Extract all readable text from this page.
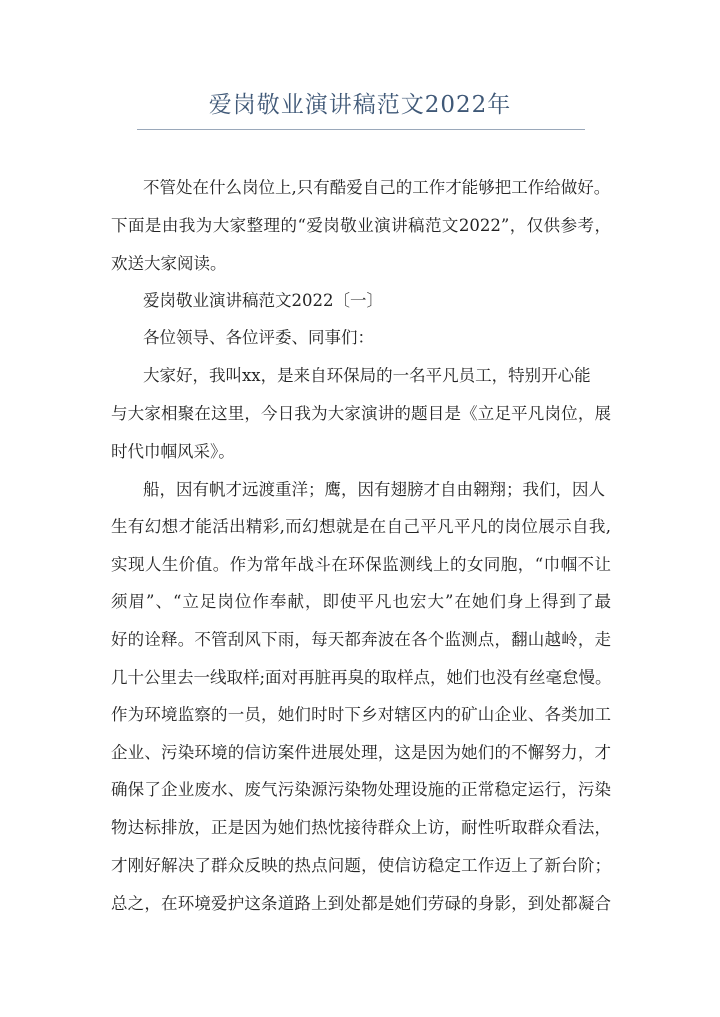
爱岗敬业演讲稿范文2022年
不管处在什么岗位上,只有酷爱自己的工作才能够把工作给做好。
下面是由我为大家整理的“爱岗敬业演讲稿范文2022”，仅供参考，
欢送大家阅读。
爱岗敬业演讲稿范文2022〔一〕
各位领导、各位评委、同事们：
大家好，我叫xx，是来自环保局的一名平凡员工，特别开心能
与大家相聚在这里，今日我为大家演讲的题目是《立足平凡岗位，展
时代巾帼风采》。
船，因有帆才远渡重洋；鹰，因有翅膀才自由翱翔；我们，因人
生有幻想才能活出精彩,而幻想就是在自己平凡平凡的岗位展示自我,
实现人生价值。作为常年战斗在环保监测线上的女同胞，“巾帼不让
须眉”、“立足岗位作奉献，即使平凡也宏大”在她们身上得到了最
好的诠释。不管刮风下雨，每天都奔波在各个监测点，翻山越岭，走
几十公里去一线取样;面对再脏再臭的取样点，她们也没有丝毫怠慢。
作为环境监察的一员，她们时时下乡对辖区内的矿山企业、各类加工
企业、污染环境的信访案件进展处理，这是因为她们的不懈努力，才
确保了企业废水、废气污染源污染物处理设施的正常稳定运行，污染
物达标排放，正是因为她们热忱接待群众上访，耐性听取群众看法，
才刚好解决了群众反映的热点问题，使信访稳定工作迈上了新台阶；
总之，在环境爱护这条道路上到处都是她们劳碌的身影，到处都凝合
